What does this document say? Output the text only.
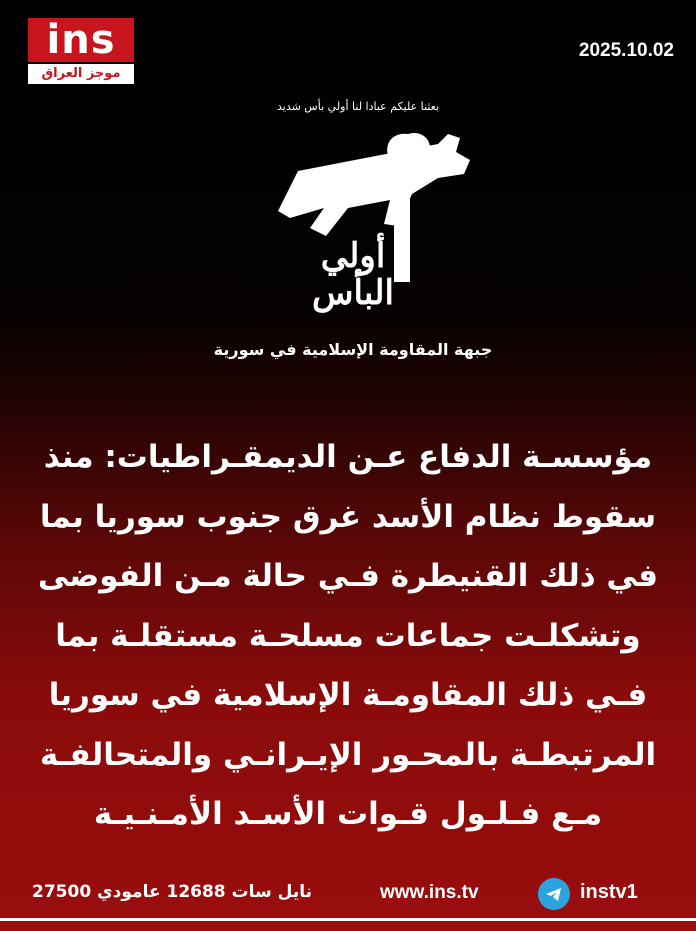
ins
موجز العراق
2025.10.02
بعثنا عليكم عبادا لنا أولي بأس شديد
أولي
البأس
جبهة المقاومة الإسلامية في سورية
مؤسسـة الدفاع عـن الديمقـراطيات: منذ
سقوط نظام الأسد غرق جنوب سوريا بما
في ذلك القنيطرة فـي حالة مـن الفوضى
وتشكلـت جماعات مسلحـة مستقلـة بما
فـي ذلك المقاومـة الإسلامية في سوريا
المرتبطـة بالمحـور الإيـرانـي والمتحالفـة
مـع فـلـول قـوات الأسـد الأمـنـيـة
نايل سات 12688 عامودي 27500	www.ins.tv	instv1
